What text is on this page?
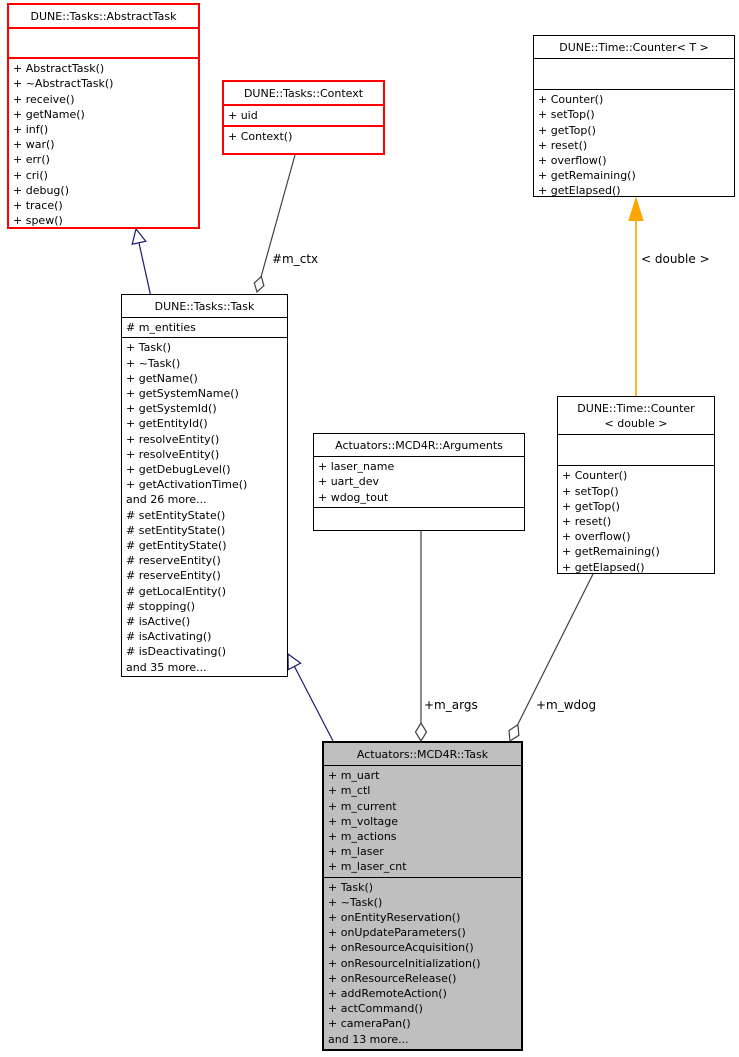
DUNE::Tasks::AbstractTask
+ AbstractTask()
+ ~AbstractTask()
+ receive()
+ getName()
+ inf()
+ war()
+ err()
+ cri()
+ debug()
+ trace()
+ spew()
DUNE::Tasks::Context
+ uid
+ Context()
DUNE::Time::Counter< T >
+ Counter()
+ setTop()
+ getTop()
+ reset()
+ overflow()
+ getRemaining()
+ getElapsed()
DUNE::Tasks::Task
# m_entities
+ Task()
+ ~Task()
+ getName()
+ getSystemName()
+ getSystemId()
+ getEntityId()
+ resolveEntity()
+ resolveEntity()
+ getDebugLevel()
+ getActivationTime()
and 26 more...
# setEntityState()
# setEntityState()
# getEntityState()
# reserveEntity()
# reserveEntity()
# getLocalEntity()
# stopping()
# isActive()
# isActivating()
# isDeactivating()
and 35 more...
Actuators::MCD4R::Arguments
+ laser_name
+ uart_dev
+ wdog_tout
DUNE::Time::Counter
< double >
+ Counter()
+ setTop()
+ getTop()
+ reset()
+ overflow()
+ getRemaining()
+ getElapsed()
Actuators::MCD4R::Task
+ m_uart
+ m_ctl
+ m_current
+ m_voltage
+ m_actions
+ m_laser
+ m_laser_cnt
+ Task()
+ ~Task()
+ onEntityReservation()
+ onUpdateParameters()
+ onResourceAcquisition()
+ onResourceInitialization()
+ onResourceRelease()
+ addRemoteAction()
+ actCommand()
+ cameraPan()
and 13 more...
#m_ctx	< double >
+m_args	+m_wdog
